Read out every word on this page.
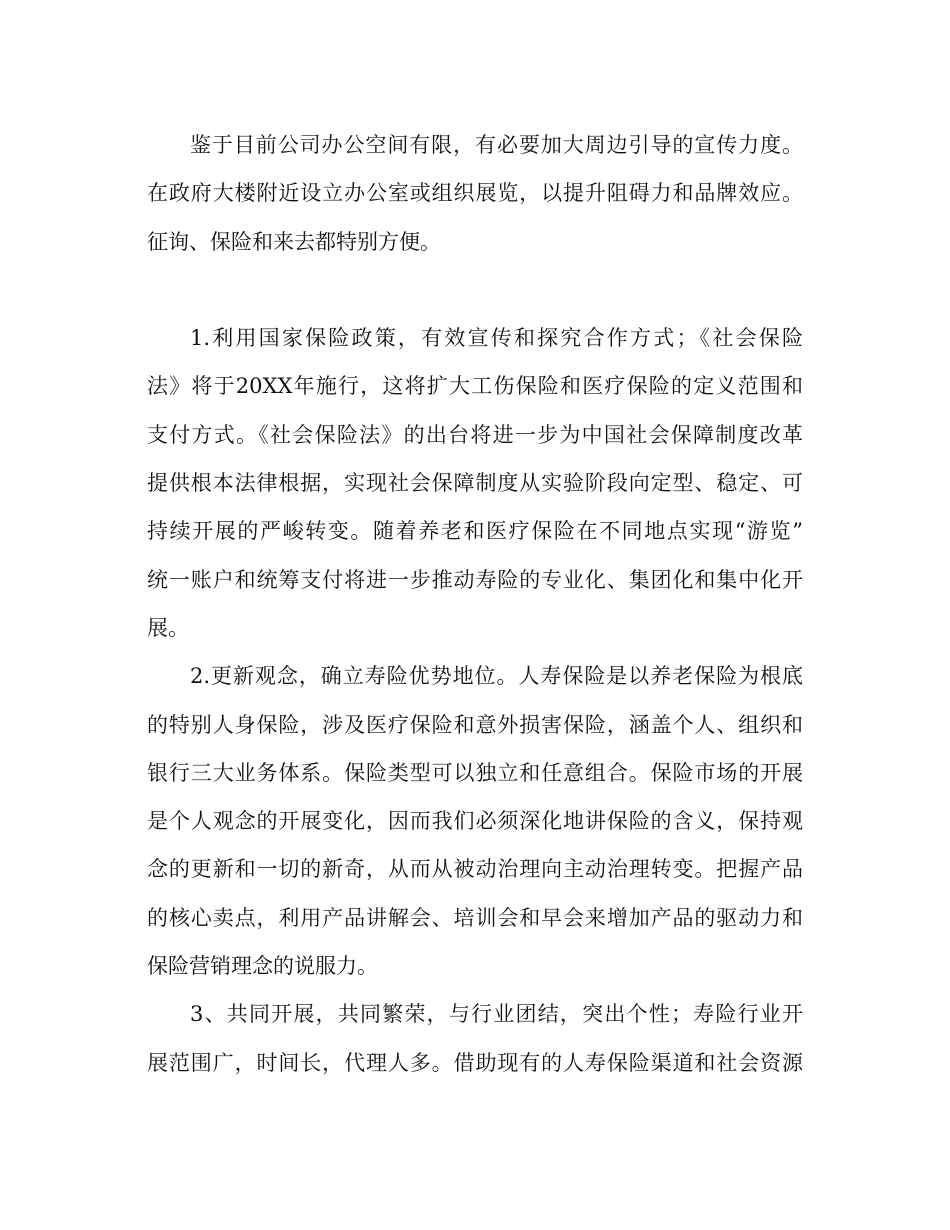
鉴于目前公司办公空间有限，有必要加大周边引导的宣传力度。
在政府大楼附近设立办公室或组织展览，以提升阻碍力和品牌效应。
征询、保险和来去都特别方便。
1.利用国家保险政策，有效宣传和探究合作方式；《社会保险
法》将于20XX年施行，这将扩大工伤保险和医疗保险的定义范围和
支付方式。《社会保险法》的出台将进一步为中国社会保障制度改革
提供根本法律根据，实现社会保障制度从实验阶段向定型、稳定、可
持续开展的严峻转变。随着养老和医疗保险在不同地点实现“游览”
统一账户和统筹支付将进一步推动寿险的专业化、集团化和集中化开
展。
2.更新观念，确立寿险优势地位。人寿保险是以养老保险为根底
的特别人身保险，涉及医疗保险和意外损害保险，涵盖个人、组织和
银行三大业务体系。保险类型可以独立和任意组合。保险市场的开展
是个人观念的开展变化，因而我们必须深化地讲保险的含义，保持观
念的更新和一切的新奇，从而从被动治理向主动治理转变。把握产品
的核心卖点，利用产品讲解会、培训会和早会来增加产品的驱动力和
保险营销理念的说服力。
3、共同开展，共同繁荣，与行业团结，突出个性；寿险行业开
展范围广，时间长，代理人多。借助现有的人寿保险渠道和社会资源
